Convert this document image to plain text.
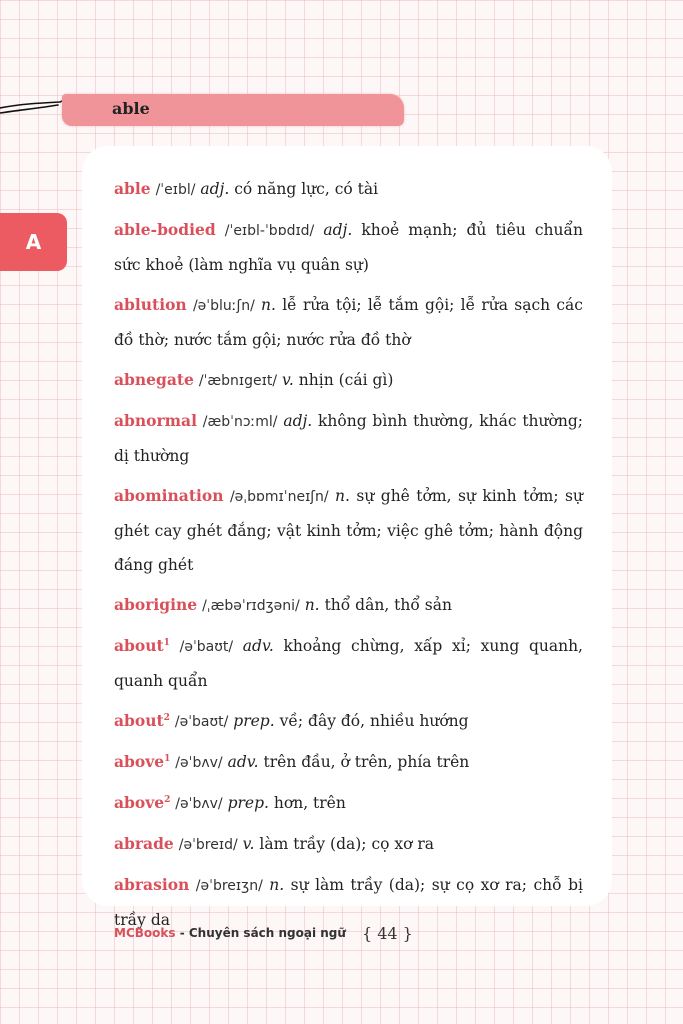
able
A
able /ˈeɪbl/ adj. có năng lực, có tài
able-bodied /ˈeɪbl-ˈbɒdɪd/ adj. khoẻ mạnh; đủ tiêu chuẩn sức khoẻ (làm nghĩa vụ quân sự)
ablution /əˈbluːʃn/ n. lễ rửa tội; lễ tắm gội; lễ rửa sạch các đồ thờ; nước tắm gội; nước rửa đồ thờ
abnegate /ˈæbnɪgeɪt/ v. nhịn (cái gì)
abnormal /æbˈnɔːml/ adj. không bình thường, khác thường; dị thường
abomination /əˌbɒmɪˈneɪʃn/ n. sự ghê tởm, sự kinh tởm; sự ghét cay ghét đắng; vật kinh tởm; việc ghê tởm; hành động đáng ghét
aborigine /ˌæbəˈrɪdʒəni/ n. thổ dân, thổ sản
about$^1$ /əˈbaʊt/ adv. khoảng chừng, xấp xỉ; xung quanh, quanh quẩn
about$^2$ /əˈbaʊt/ prep. về; đây đó, nhiều hướng
above$^1$ /əˈbʌv/ adv. trên đầu, ở trên, phía trên
above$^2$ /əˈbʌv/ prep. hơn, trên
abrade /əˈbreɪd/ v. làm trầy (da); cọ xơ ra
abrasion /əˈbreɪʒn/ n. sự làm trầy (da); sự cọ xơ ra; chỗ bị trầy da
MCBooks - Chuyên sách ngoại ngữ { 44 }
